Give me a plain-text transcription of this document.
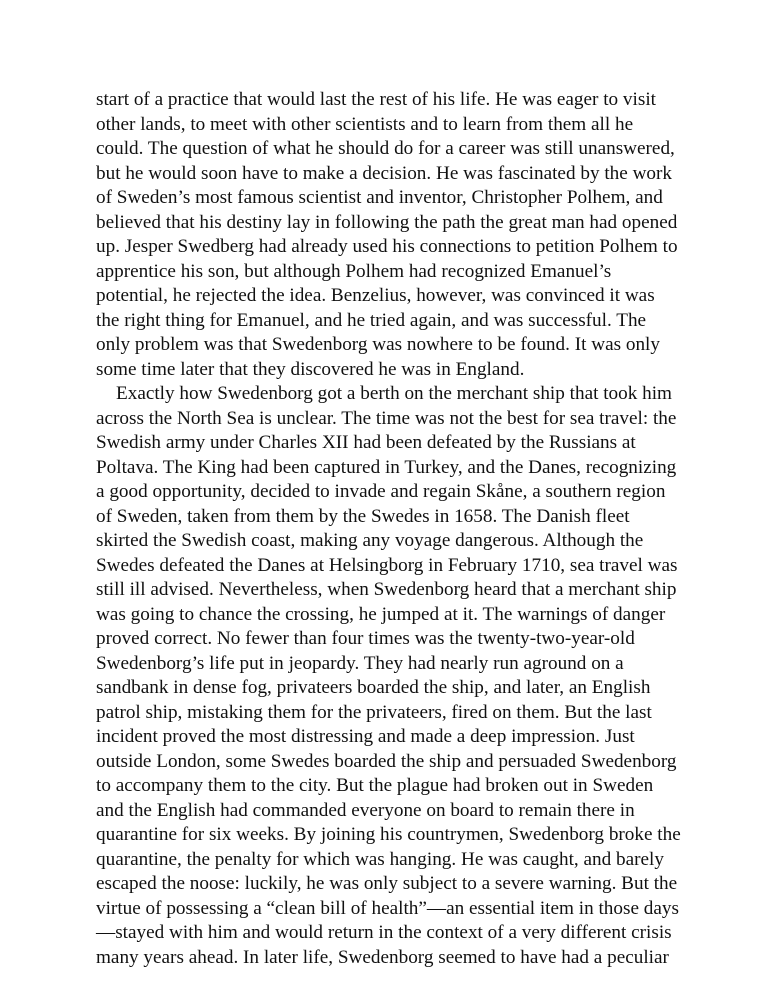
start of a practice that would last the rest of his life. He was eager to visit
other lands, to meet with other scientists and to learn from them all he
could. The question of what he should do for a career was still unanswered,
but he would soon have to make a decision. He was fascinated by the work
of Sweden’s most famous scientist and inventor, Christopher Polhem, and
believed that his destiny lay in following the path the great man had opened
up. Jesper Swedberg had already used his connections to petition Polhem to
apprentice his son, but although Polhem had recognized Emanuel’s
potential, he rejected the idea. Benzelius, however, was convinced it was
the right thing for Emanuel, and he tried again, and was successful. The
only problem was that Swedenborg was nowhere to be found. It was only
some time later that they discovered he was in England.
Exactly how Swedenborg got a berth on the merchant ship that took him
across the North Sea is unclear. The time was not the best for sea travel: the
Swedish army under Charles XII had been defeated by the Russians at
Poltava. The King had been captured in Turkey, and the Danes, recognizing
a good opportunity, decided to invade and regain Skåne, a southern region
of Sweden, taken from them by the Swedes in 1658. The Danish fleet
skirted the Swedish coast, making any voyage dangerous. Although the
Swedes defeated the Danes at Helsingborg in February 1710, sea travel was
still ill advised. Nevertheless, when Swedenborg heard that a merchant ship
was going to chance the crossing, he jumped at it. The warnings of danger
proved correct. No fewer than four times was the twenty-two-year-old
Swedenborg’s life put in jeopardy. They had nearly run aground on a
sandbank in dense fog, privateers boarded the ship, and later, an English
patrol ship, mistaking them for the privateers, fired on them. But the last
incident proved the most distressing and made a deep impression. Just
outside London, some Swedes boarded the ship and persuaded Swedenborg
to accompany them to the city. But the plague had broken out in Sweden
and the English had commanded everyone on board to remain there in
quarantine for six weeks. By joining his countrymen, Swedenborg broke the
quarantine, the penalty for which was hanging. He was caught, and barely
escaped the noose: luckily, he was only subject to a severe warning. But the
virtue of possessing a “clean bill of health”—an essential item in those days
—stayed with him and would return in the context of a very different crisis
many years ahead. In later life, Swedenborg seemed to have had a peculiar
